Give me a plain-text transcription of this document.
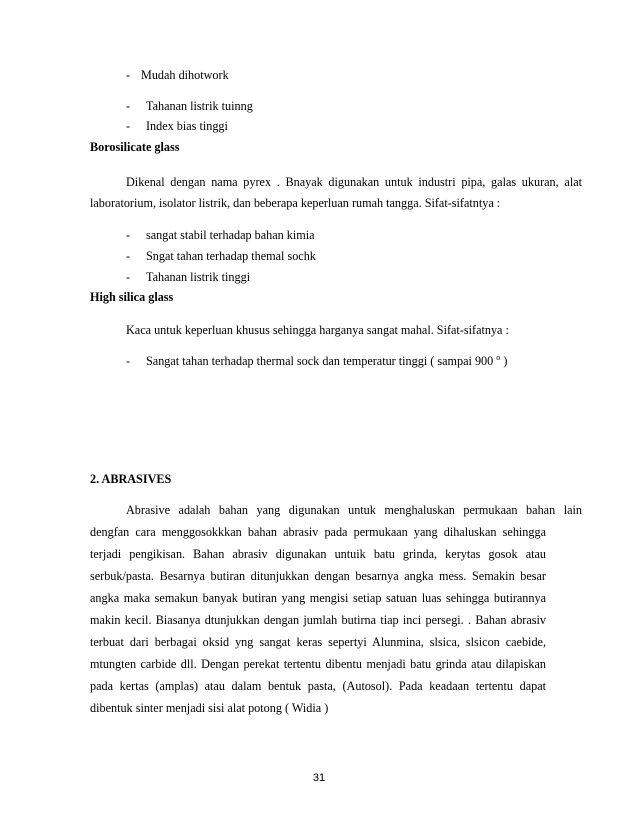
- Mudah dihotwork
- Tahanan listrik tuinng
- Index bias tinggi
Borosilicate glass
Dikenal dengan nama pyrex . Bnayak digunakan untuk industri pipa, galas ukuran, alat
laboratorium, isolator listrik, dan beberapa keperluan rumah tangga. Sifat-sifatntya :
- sangat stabil terhadap bahan kimia
- Sngat tahan terhadap themal sochk
- Tahanan listrik tinggi
High silica glass
Kaca untuk keperluan khusus sehingga harganya sangat mahal. Sifat-sifatnya :
- Sangat tahan terhadap thermal sock dan temperatur tinggi ( sampai 900 $^o$ )
2. ABRASIVES
Abrasive adalah bahan yang digunakan untuk menghaluskan permukaan bahan lain
dengfan cara menggosokkkan bahan abrasiv pada permukaan yang dihaluskan sehingga
terjadi pengikisan. Bahan abrasiv digunakan untuik batu grinda, kerytas gosok atau
serbuk/pasta. Besarnya butiran ditunjukkan dengan besarnya angka mess. Semakin besar
angka maka semakun banyak butiran yang mengisi setiap satuan luas sehingga butirannya
makin kecil. Biasanya dtunjukkan dengan jumlah butirna tiap inci persegi. . Bahan abrasiv
terbuat dari berbagai oksid yng sangat keras sepertyi Alunmina, slsica, slsicon caebide,
mtungten carbide dll. Dengan perekat tertentu dibentu menjadi batu grinda atau dilapiskan
pada kertas (amplas) atau dalam bentuk pasta, (Autosol). Pada keadaan tertentu dapat
dibentuk sinter menjadi sisi alat potong ( Widia )
31
